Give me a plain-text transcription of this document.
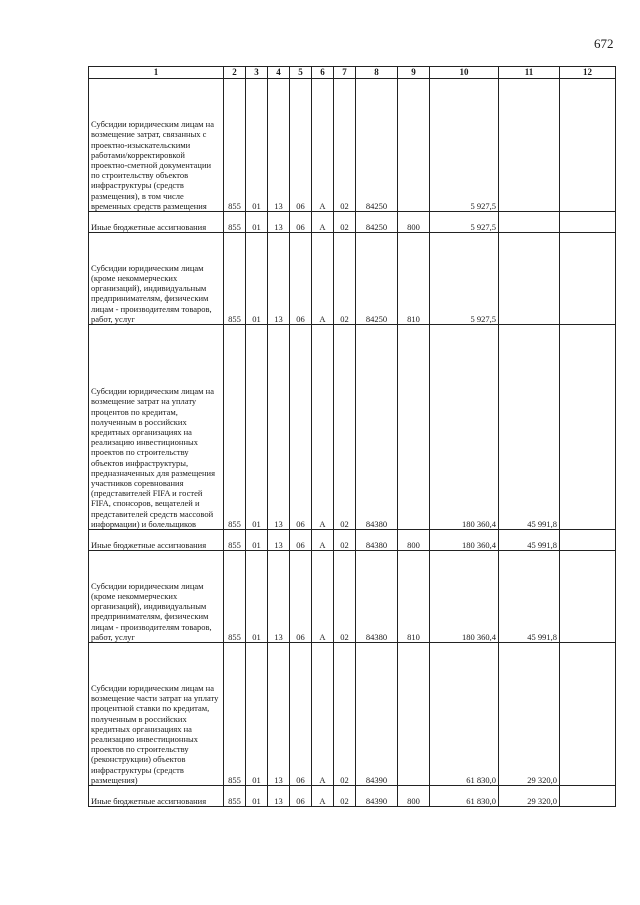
672
1	2	3	4	5	6	7	8	9	10	11	12
Субсидии юридическим лицам на возмещение затрат, связанных с проектно-изыскательскими работами/корректировкой проектно-сметной документации по строительству объектов инфраструктуры (средств размещения), в том числе временных средств размещения	855	01	13	06	А	02	84250		5 927,5		
Иные бюджетные ассигнования	855	01	13	06	А	02	84250	800	5 927,5		
Субсидии юридическим лицам (кроме некоммерческих организаций), индивидуальным предпринимателям, физическим лицам - производителям товаров, работ, услуг	855	01	13	06	А	02	84250	810	5 927,5		
Субсидии юридическим лицам на возмещение затрат на уплату процентов по кредитам, полученным в российских кредитных организациях на реализацию инвестиционных проектов по строительству объектов инфраструктуры, предназначенных для размещения участников соревнования (представителей FIFA и гостей FIFA, спонсоров, вещателей и представителей средств массовой информации) и болельщиков	855	01	13	06	А	02	84380		180 360,4	45 991,8	
Иные бюджетные ассигнования	855	01	13	06	А	02	84380	800	180 360,4	45 991,8	
Субсидии юридическим лицам (кроме некоммерческих организаций), индивидуальным предпринимателям, физическим лицам - производителям товаров, работ, услуг	855	01	13	06	А	02	84380	810	180 360,4	45 991,8	
Субсидии юридическим лицам на возмещение части затрат на уплату процентной ставки по кредитам, полученным в российских кредитных организациях на реализацию инвестиционных проектов по строительству (реконструкции) объектов инфраструктуры (средств размещения)	855	01	13	06	А	02	84390		61 830,0	29 320,0	
Иные бюджетные ассигнования	855	01	13	06	А	02	84390	800	61 830,0	29 320,0	
